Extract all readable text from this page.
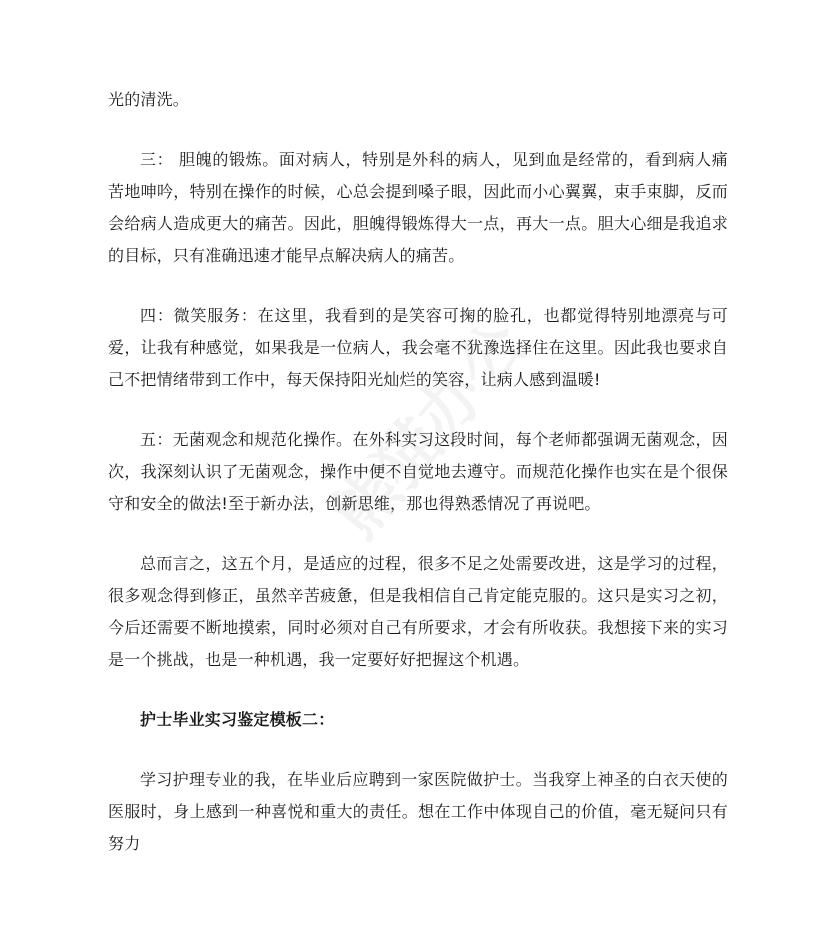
光的清洗。

三： 胆魄的锻炼。面对病人，特别是外科的病人，见到血是经常的，看到病人痛苦地呻吟，特别在操作的时候，心总会提到嗓子眼，因此而小心翼翼，束手束脚，反而会给病人造成更大的痛苦。因此，胆魄得锻炼得大一点，再大一点。胆大心细是我追求的目标，只有准确迅速才能早点解决病人的痛苦。

四：微笑服务：在这里，我看到的是笑容可掬的脸孔，也都觉得特别地漂亮与可爱，让我有种感觉，如果我是一位病人，我会毫不犹豫选择住在这里。因此我也要求自己不把情绪带到工作中，每天保持阳光灿烂的笑容，让病人感到温暖!

五：无菌观念和规范化操作。在外科实习这段时间，每个老师都强调无菌观念，因次，我深刻认识了无菌观念，操作中便不自觉地去遵守。而规范化操作也实在是个很保守和安全的做法!至于新办法，创新思维，那也得熟悉情况了再说吧。

总而言之，这五个月，是适应的过程，很多不足之处需要改进，这是学习的过程，很多观念得到修正，虽然辛苦疲惫，但是我相信自己肯定能克服的。这只是实习之初，今后还需要不断地摸索，同时必须对自己有所要求，才会有所收获。我想接下来的实习是一个挑战，也是一种机遇，我一定要好好把握这个机遇。

护士毕业实习鉴定模板二：

学习护理专业的我，在毕业后应聘到一家医院做护士。当我穿上神圣的白衣天使的医服时，身上感到一种喜悦和重大的责任。想在工作中体现自己的价值，毫无疑问只有努力
